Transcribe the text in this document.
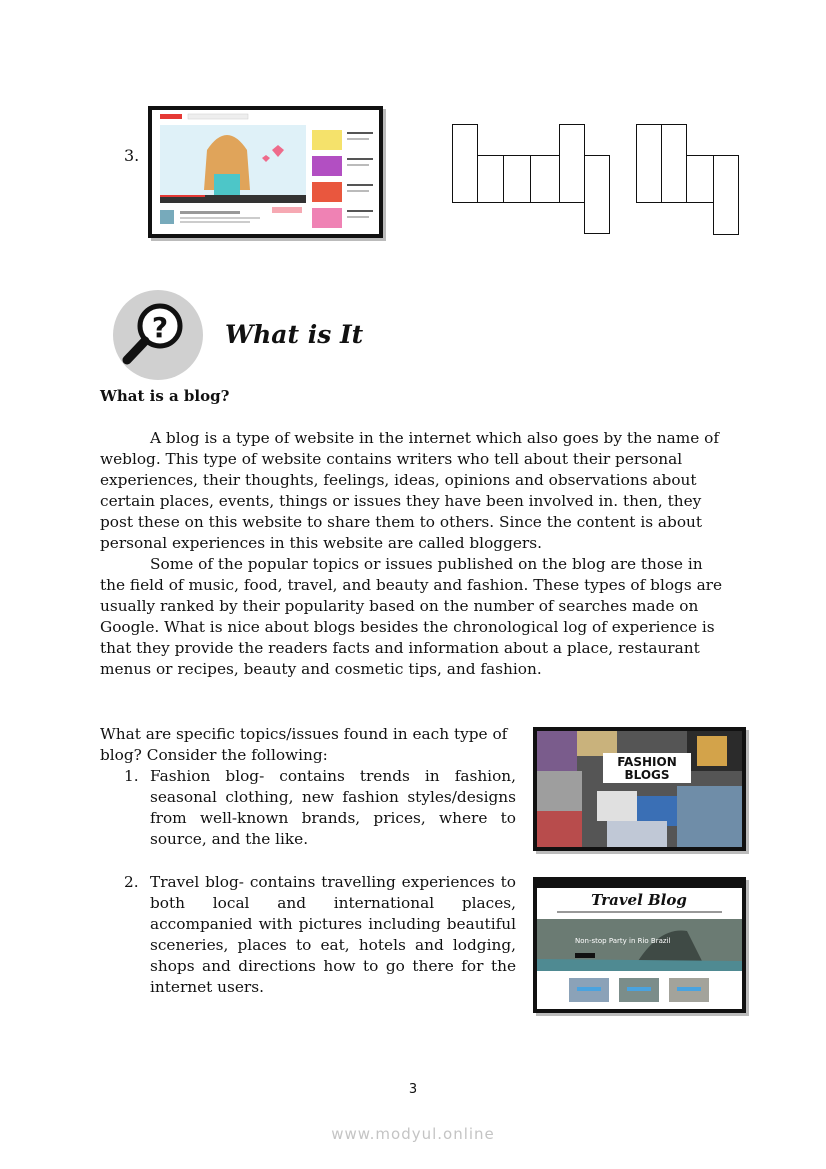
3.
? What is It
What is a blog?

A blog is a type of website in the internet which also goes by the name of weblog. This type of website contains writers who tell about their personal experiences, their thoughts, feelings, ideas, opinions and observations about certain places, events, things or issues they have been involved in. then, they post these on this website to share them to others. Since the content is about personal experiences in this website are called bloggers.

Some of the popular topics or issues published on the blog are those in the field of music, food, travel, and beauty and fashion. These types of blogs are usually ranked by their popularity based on the number of searches made on Google. What is nice about blogs besides the chronological log of experience is that they provide the readers facts and information about a place, restaurant menus or recipes, beauty and cosmetic tips, and fashion.

What are specific topics/issues found in each type of blog? Consider the following:
1. Fashion blog- contains trends in fashion, seasonal clothing, new fashion styles/designs from well-known brands, prices, where to source, and the like.
2. Travel blog- contains travelling experiences to both local and international places, accompanied with pictures including beautiful sceneries, places to eat, hotels and lodging, shops and directions how to go there for the internet users.
FASHION
BLOGS
Travel Blog
Non-stop Party in Rio Brazil
3
www.modyul.online
